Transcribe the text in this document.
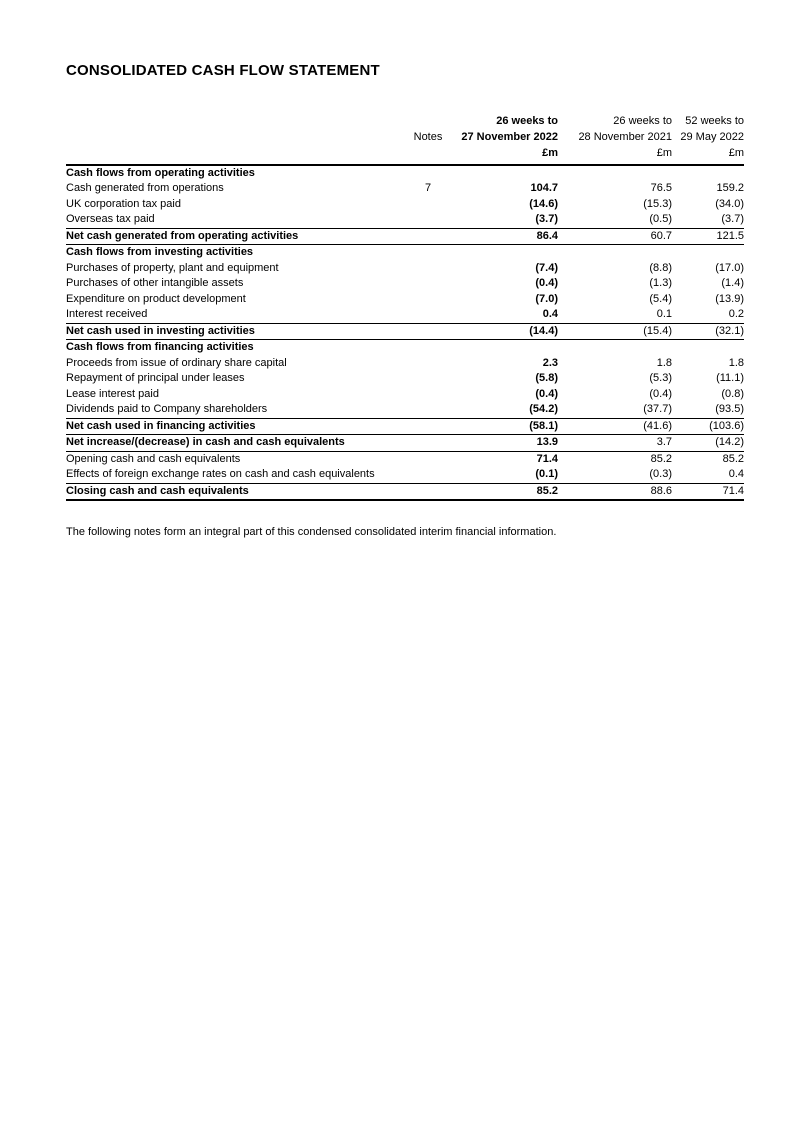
CONSOLIDATED CASH FLOW STATEMENT
		26 weeks to	26 weeks to	52 weeks to
	Notes	27 November 2022	28 November 2021	29 May 2022
		£m	£m	£m
Cash flows from operating activities				
Cash generated from operations	7	104.7	76.5	159.2
UK corporation tax paid		(14.6)	(15.3)	(34.0)
Overseas tax paid		(3.7)	(0.5)	(3.7)
Net cash generated from operating activities		86.4	60.7	121.5
Cash flows from investing activities				
Purchases of property, plant and equipment		(7.4)	(8.8)	(17.0)
Purchases of other intangible assets		(0.4)	(1.3)	(1.4)
Expenditure on product development		(7.0)	(5.4)	(13.9)
Interest received		0.4	0.1	0.2
Net cash used in investing activities		(14.4)	(15.4)	(32.1)
Cash flows from financing activities				
Proceeds from issue of ordinary share capital		2.3	1.8	1.8
Repayment of principal under leases		(5.8)	(5.3)	(11.1)
Lease interest paid		(0.4)	(0.4)	(0.8)
Dividends paid to Company shareholders		(54.2)	(37.7)	(93.5)
Net cash used in financing activities		(58.1)	(41.6)	(103.6)
Net increase/(decrease) in cash and cash equivalents		13.9	3.7	(14.2)
Opening cash and cash equivalents		71.4	85.2	85.2
Effects of foreign exchange rates on cash and cash equivalents		(0.1)	(0.3)	0.4
Closing cash and cash equivalents		85.2	88.6	71.4

The following notes form an integral part of this condensed consolidated interim financial information.
